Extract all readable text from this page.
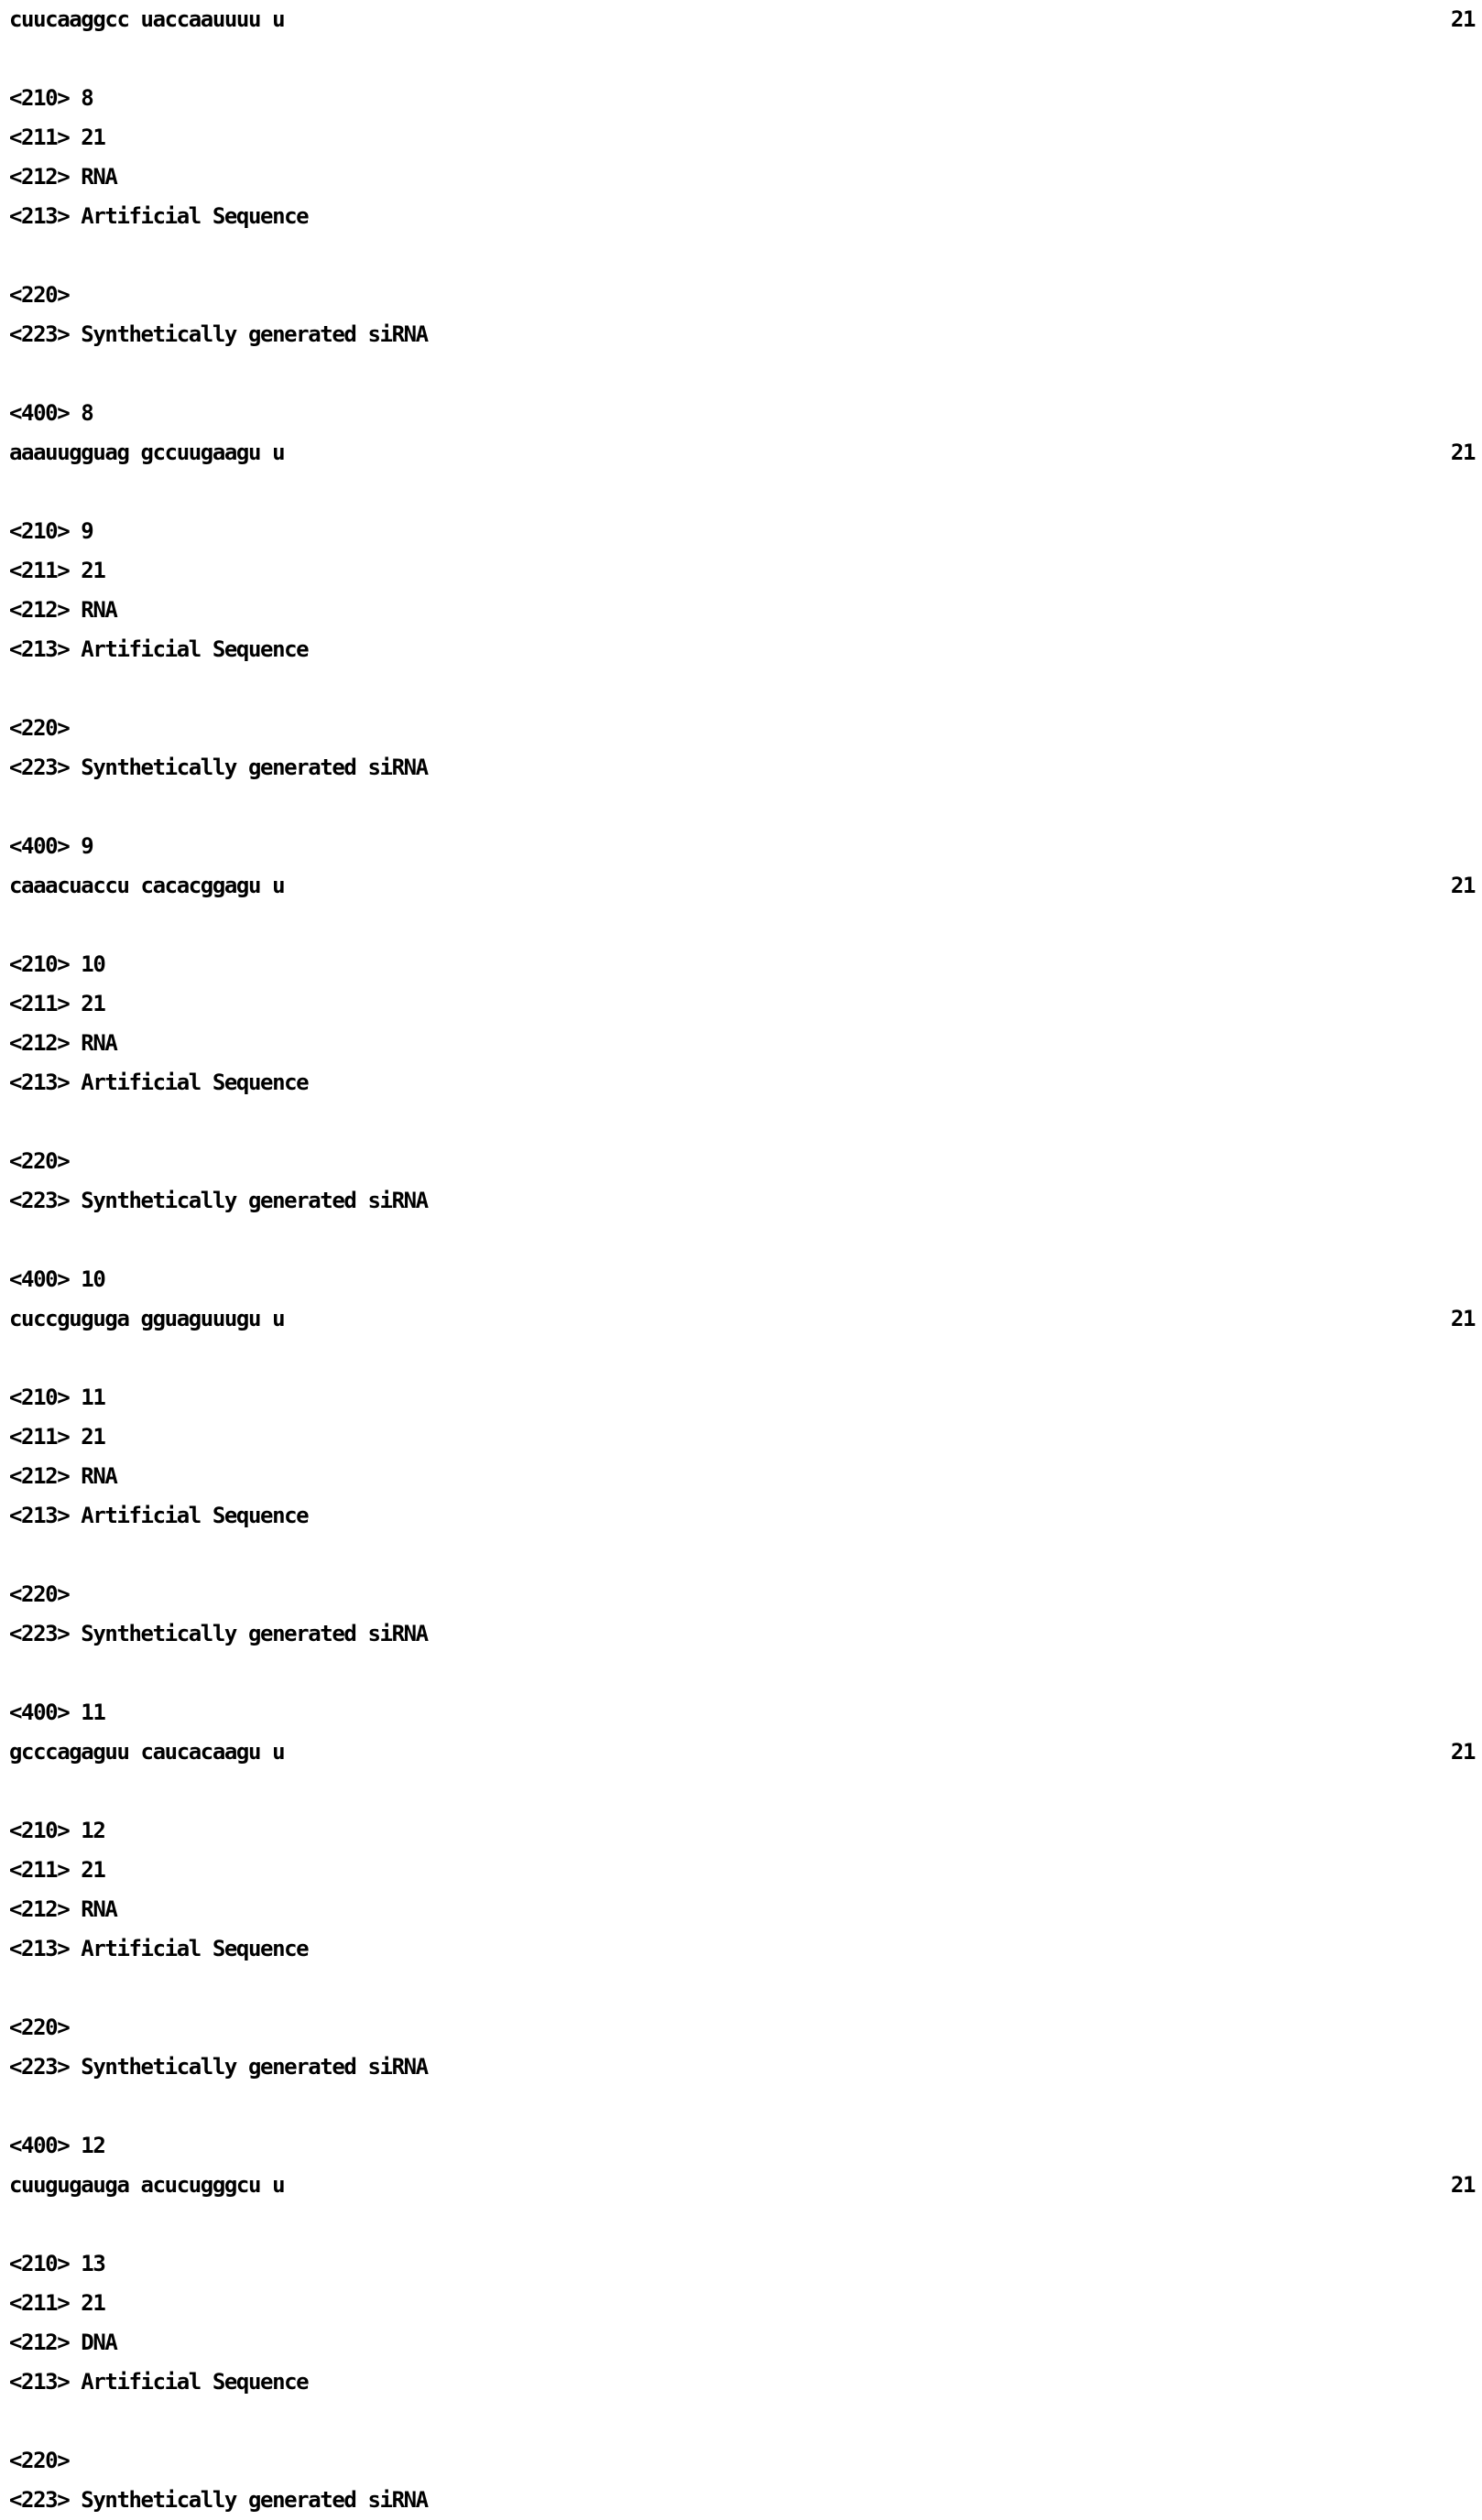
cuucaaggcc uaccaauuuu u	21
<210> 8
<211> 21
<212> RNA
<213> Artificial Sequence
<220>
<223> Synthetically generated siRNA
<400> 8
aaauugguag gccuugaagu u	21
<210> 9
<211> 21
<212> RNA
<213> Artificial Sequence
<220>
<223> Synthetically generated siRNA
<400> 9
caaacuaccu cacacggagu u	21
<210> 10
<211> 21
<212> RNA
<213> Artificial Sequence
<220>
<223> Synthetically generated siRNA
<400> 10
cuccguguga gguaguuugu u	21
<210> 11
<211> 21
<212> RNA
<213> Artificial Sequence
<220>
<223> Synthetically generated siRNA
<400> 11
gcccagaguu caucacaagu u	21
<210> 12
<211> 21
<212> RNA
<213> Artificial Sequence
<220>
<223> Synthetically generated siRNA
<400> 12
cuugugauga acucugggcu u	21
<210> 13
<211> 21
<212> DNA
<213> Artificial Sequence
<220>
<223> Synthetically generated siRNA
